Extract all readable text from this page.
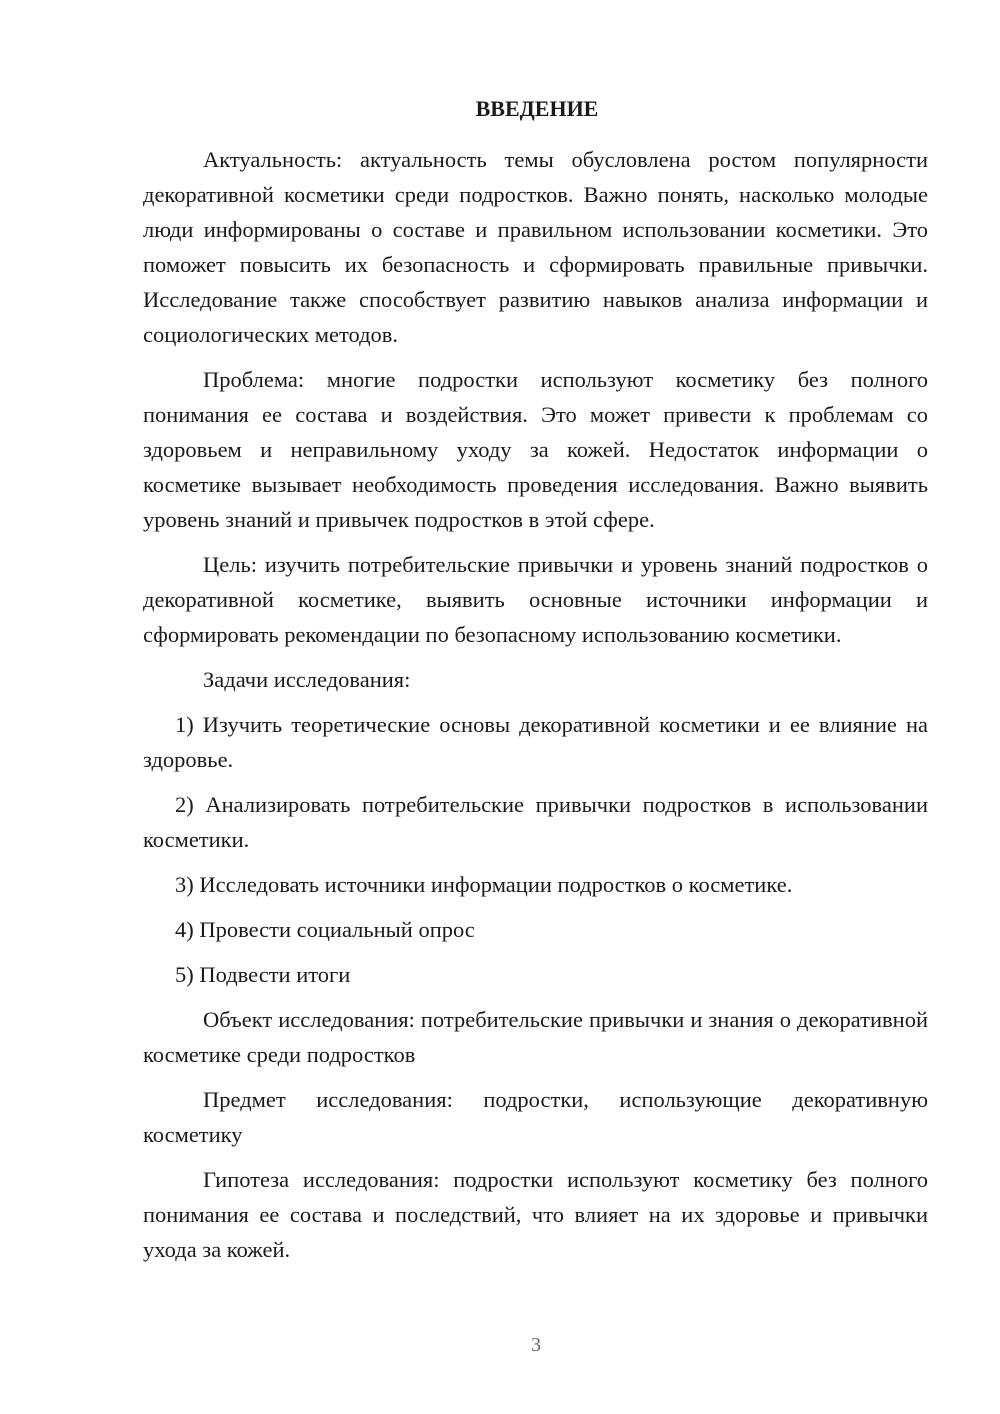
ВВЕДЕНИЕ

Актуальность: актуальность темы обусловлена ростом популярности декоративной косметики среди подростков. Важно понять, насколько молодые люди информированы о составе и правильном использовании косметики. Это поможет повысить их безопасность и сформировать правильные привычки. Исследование также способствует развитию навыков анализа информации и социологических методов.

Проблема: многие подростки используют косметику без полного понимания ее состава и воздействия. Это может привести к проблемам со здоровьем и неправильному уходу за кожей. Недостаток информации о косметике вызывает необходимость проведения исследования. Важно выявить уровень знаний и привычек подростков в этой сфере.

Цель: изучить потребительские привычки и уровень знаний подростков о декоративной косметике, выявить основные источники информации и сформировать рекомендации по безопасному использованию косметики.

Задачи исследования:

1) Изучить теоретические основы декоративной косметики и ее влияние на здоровье.

2) Анализировать потребительские привычки подростков в использовании косметики.

3) Исследовать источники информации подростков о косметике.

4) Провести социальный опрос

5) Подвести итоги

Объект исследования: потребительские привычки и знания о декоративной косметике среди подростков

Предмет исследования: подростки, использующие декоративную косметику

Гипотеза исследования: подростки используют косметику без полного понимания ее состава и последствий, что влияет на их здоровье и привычки ухода за кожей.

3
